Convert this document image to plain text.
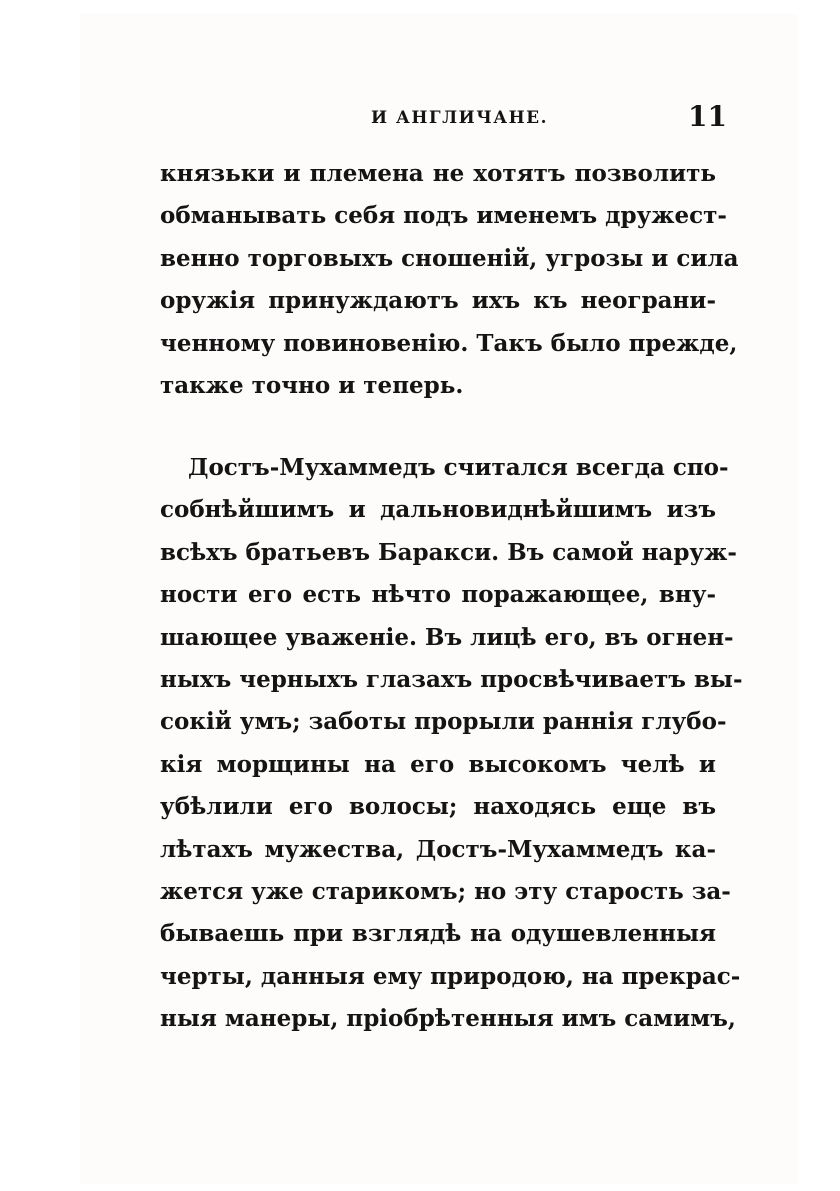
И АНГЛИЧАНЕ.	11
князьки и племена не хотятъ позволить
обманывать себя подъ именемъ дружест-
венно торговыхъ сношеній, угрозы и сила
оружія принуждаютъ ихъ къ неограни-
ченному повиновенію. Такъ было прежде,
также точно и теперь.
Достъ-Мухаммедъ считался всегда спо-
собнѣйшимъ и дальновиднѣйшимъ изъ
всѣхъ братьевъ Баракси. Въ самой наруж-
ности его есть нѣчто поражающее, вну-
шающее уваженіе. Въ лицѣ его, въ огнен-
ныхъ черныхъ глазахъ просвѣчиваетъ вы-
сокій умъ; заботы прорыли раннія глубо-
кія морщины на его высокомъ челѣ и
убѣлили его волосы; находясь еще въ
лѣтахъ мужества, Достъ-Мухаммедъ ка-
жется уже старикомъ; но эту старость за-
бываешь при взглядѣ на одушевленныя
черты, данныя ему природою, на прекрас-
ныя манеры, пріобрѣтенныя имъ самимъ,
